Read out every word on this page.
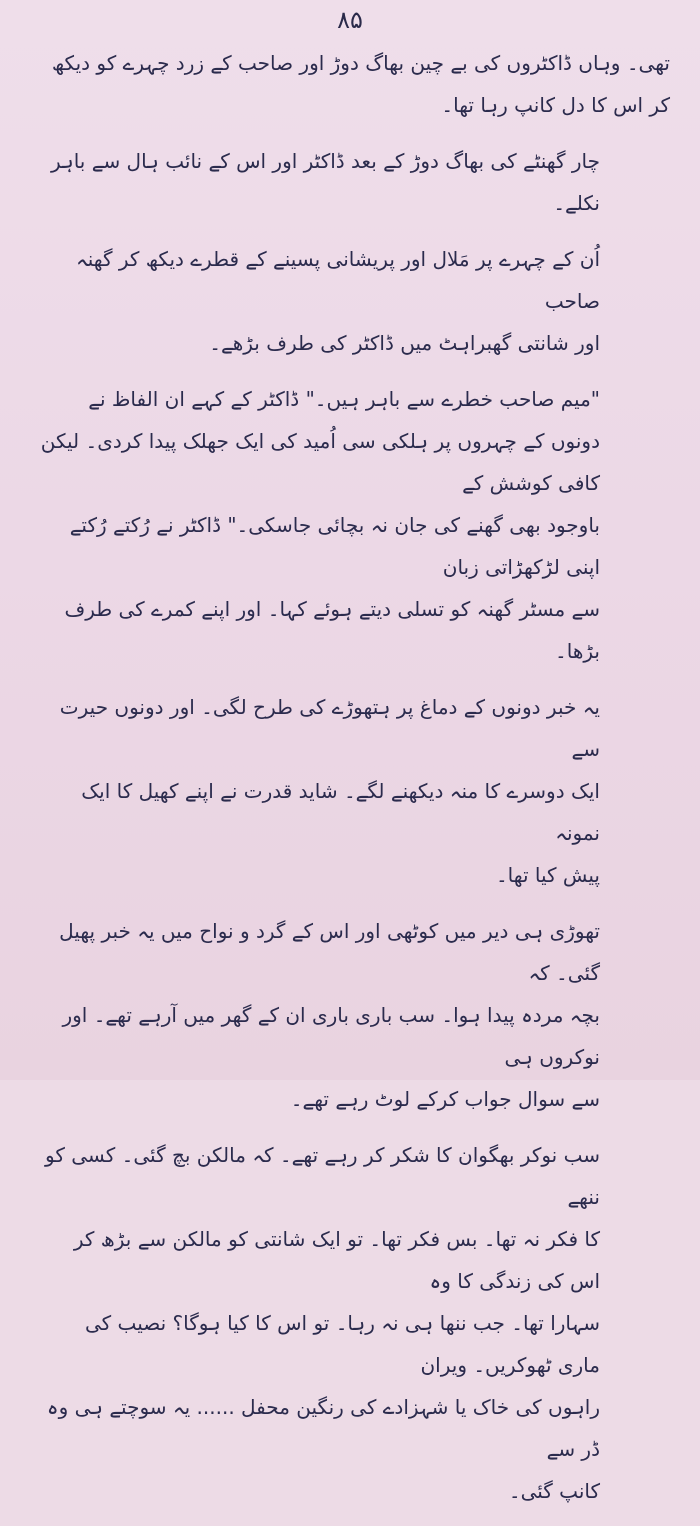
۸۵

تھی۔ وہاں ڈاکٹروں کی بے چین بھاگ دوڑ اور صاحب کے زرد چہرے کو دیکھ
کر اس کا دل کانپ رہا تھا۔

چار گھنٹے کی بھاگ دوڑ کے بعد ڈاکٹر اور اس کے نائب ہال سے باہر
نکلے۔

اُن کے چہرے پر مَلال اور پریشانی پسینے کے قطرے دیکھ کر گھنہ صاحب
اور شانتی گھبراہٹ میں ڈاکٹر کی طرف بڑھے۔

"میم صاحب خطرے سے باہر ہیں۔" ڈاکٹر کے کہے ان الفاظ نے
دونوں کے چہروں پر ہلکی سی اُمید کی ایک جھلک پیدا کردی۔ لیکن کافی کوشش کے
باوجود بھی گھنے کی جان نہ بچائی جاسکی۔" ڈاکٹر نے رُکتے رُکتے اپنی لڑکھڑاتی زبان
سے مسٹر گھنہ کو تسلی دیتے ہوئے کہا۔ اور اپنے کمرے کی طرف بڑھا۔

یہ خبر دونوں کے دماغ پر ہتھوڑے کی طرح لگی۔ اور دونوں حیرت سے
ایک دوسرے کا منہ دیکھنے لگے۔ شاید قدرت نے اپنے کھیل کا ایک نمونہ
پیش کیا تھا۔

تھوڑی ہی دیر میں کوٹھی اور اس کے گرد و نواح میں یہ خبر پھیل گئی۔ کہ
بچہ مردہ پیدا ہوا۔ سب باری باری ان کے گھر میں آرہے تھے۔ اور نوکروں ہی
سے سوال جواب کرکے لوٹ رہے تھے۔

سب نوکر بھگوان کا شکر کر رہے تھے۔ کہ مالکن بچ گئی۔ کسی کو ننھے
کا فکر نہ تھا۔ بس فکر تھا۔ تو ایک شانتی کو مالکن سے بڑھ کر اس کی زندگی کا وہ
سہارا تھا۔ جب ننھا ہی نہ رہا۔ تو اس کا کیا ہوگا؟ نصیب کی ماری ٹھوکریں۔ ویران
راہوں کی خاک یا شہزادے کی رنگین محفل ...... یہ سوچتے ہی وہ ڈر سے
کانپ گئی۔
